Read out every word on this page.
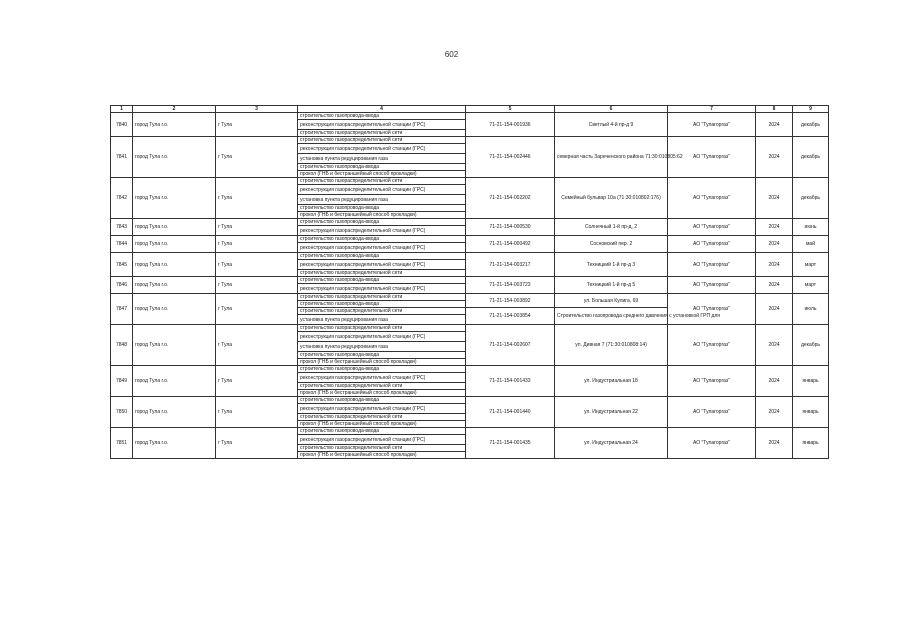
602
1	2	3	4	5	6	7	8	9
7840	город Тула г.о.	г Тула	строительство газопровода-ввода	71-21-154-001936	Светлый 4-й пр-д 9	АО "Тулагоргаз"	2024	декабрь
			реконструкция газораспределительной станции (ГРС)					
			строительство газораспределительной сети					
7841	город Тула г.о.	г Тула	строительство газораспределительной сети	71-21-154-002446	северная часть Зареченского района 71:30:010805:62	АО "Тулагоргаз"	2024	декабрь
			реконструкция газораспределительной станции (ГРС)					
			установка пункта редуцирования газа					
			строительство газопровода-ввода					
			прокол (ГНБ и бестраншейный способ прокладки)					
7842	город Тула г.о.	г Тула	строительство газораспределительной сети	71-21-154-002202	Семейный бульвар 10а (71:30:010802:176)	АО "Тулагоргаз"	2024	декабрь
			реконструкция газораспределительной станции (ГРС)					
			установка пункта редуцирования газа					
			строительство газопровода-ввода					
			прокол (ГНБ и бестраншейный способ прокладки)					
7843	город Тула г.о.	г Тула	строительство газопровода-ввода	71-21-154-000530	Солнечный 1-й пр-д, 2	АО "Тулагоргаз"	2024	июнь
			реконструкция газораспределительной станции (ГРС)					
7844	город Тула г.о.	г Тула	строительство газопровода-ввода	71-21-154-000492	Сосновский пер. 2	АО "Тулагоргаз"	2024	май
			реконструкция газораспределительной станции (ГРС)					
7845	город Тула г.о.	г Тула	строительство газопровода-ввода	71-21-154-003217	Техницкий 1-й пр-д 3	АО "Тулагоргаз"	2024	март
			реконструкция газораспределительной станции (ГРС)					
			строительство газораспределительной сети					
7846	город Тула г.о.	г Тула	строительство газопровода-ввода	71-21-154-003723	Техницкий 1-й пр-д 5	АО "Тулагоргаз"	2024	март
			реконструкция газораспределительной станции (ГРС)					
7847	город Тула г.о.	г Тула	строительство газораспределительной сети	71-21-154-003892	ул. Большая Кулига, 69	АО "Тулагоргаз"	2024	июль
			строительство газопровода-ввода					
			строительство газораспределительной сети	71-21-154-003854	Строительство газопровода среднего давления с установкой ГРП для			
			установка пункта редуцирования газа					
7848	город Тула г.о.	г Тула	строительство газораспределительной сети	71-21-154-002607	ул. Дивная 7 (71:30:010808:14)	АО "Тулагоргаз"	2024	декабрь
			реконструкция газораспределительной станции (ГРС)					
			установка пункта редуцирования газа					
			строительство газопровода-ввода					
			прокол (ГНБ и бестраншейный способ прокладки)					
7849	город Тула г.о.	г Тула	строительство газопровода-ввода	71-21-154-001433	ул. Индустриальная 18	АО "Тулагоргаз"	2024	январь
			реконструкция газораспределительной станции (ГРС)					
			строительство газораспределительной сети					
			прокол (ГНБ и бестраншейный способ прокладки)					
7850	город Тула г.о.	г Тула	строительство газопровода-ввода	71-21-154-001440	ул. Индустриальная 22	АО "Тулагоргаз"	2024	январь
			реконструкция газораспределительной станции (ГРС)					
			строительство газораспределительной сети					
			прокол (ГНБ и бестраншейный способ прокладки)					
7851	город Тула г.о.	г Тула	строительство газопровода-ввода	71-21-154-001435	ул. Индустриальная 24	АО "Тулагоргаз"	2024	январь
			реконструкция газораспределительной станции (ГРС)					
			строительство газораспределительной сети					
			прокол (ГНБ и бестраншейный способ прокладки)					
